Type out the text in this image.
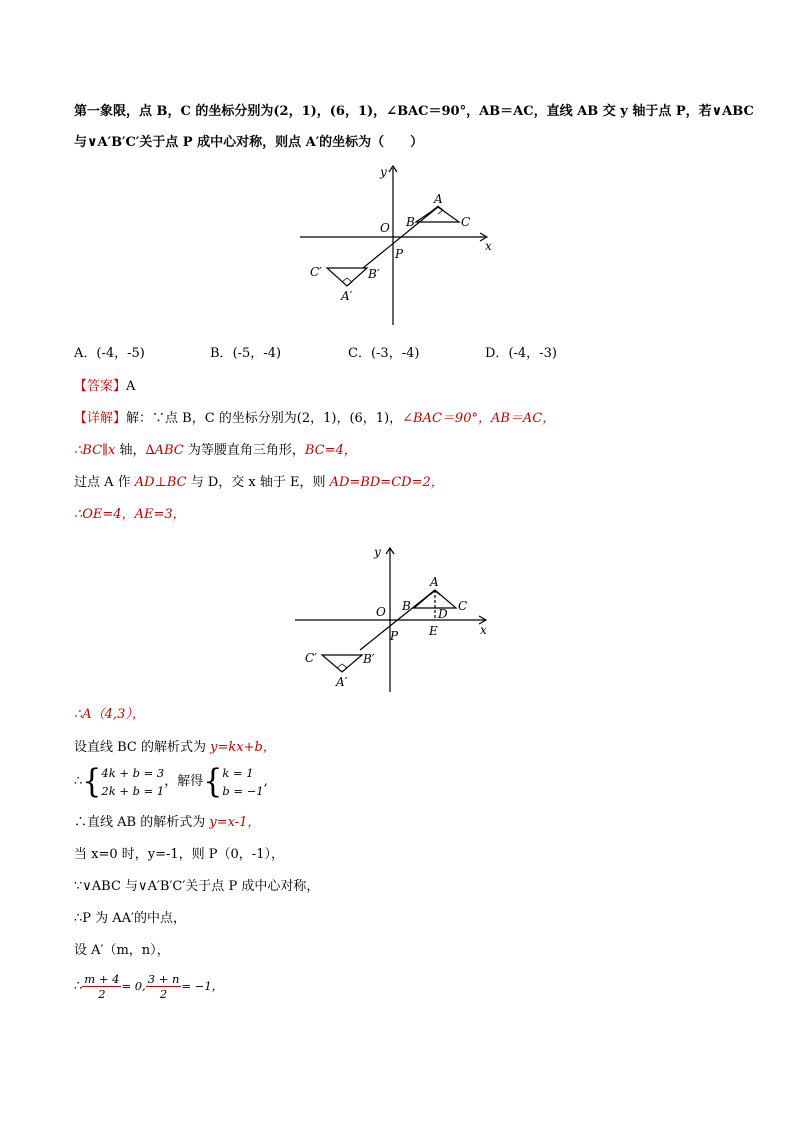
第一象限，点 B，C 的坐标分别为(2，1)，(6，1)，∠BAC＝90°，AB＝AC，直线 AB 交 y 轴于点 P，若∨ABC
与∨A′B′C′关于点 P 成中心对称，则点 A′的坐标为（　　）
y
x
O
P
A
B	C
A′
B′
C′
A．(-4，-5)	B．(-5，-4)	C．(-3，-4)	D．(-4，-3)
【答案】A
【详解】解：∵点 B，C 的坐标分别为(2，1)，(6，1)，∠BAC＝90°，AB＝AC，
∴BC∥x 轴，∆ABC 为等腰直角三角形，BC=4，
过点 A 作 AD⊥BC 与 D，交 x 轴于 E，则 AD=BD=CD=2，
∴OE=4，AE=3，
y
x
O
P
A
B	C
D
E
A′
B′
C′
∴A（4,3），
设直线 BC 的解析式为 y=kx+b，
∴{ 4k + b = 3
2k + b = 1
，解得{ k = 1
b = −1
,
∴直线 AB 的解析式为 y=x-1，
当 x=0 时，y=-1，则 P（0，-1），
∵∨ABC 与∨A′B′C′关于点 P 成中心对称，
∴P 为 AA′的中点，
设 A′（m，n），
∴ $\frac{m + 4}{2} = 0$, $\frac{3 + n}{2} = -1$，
